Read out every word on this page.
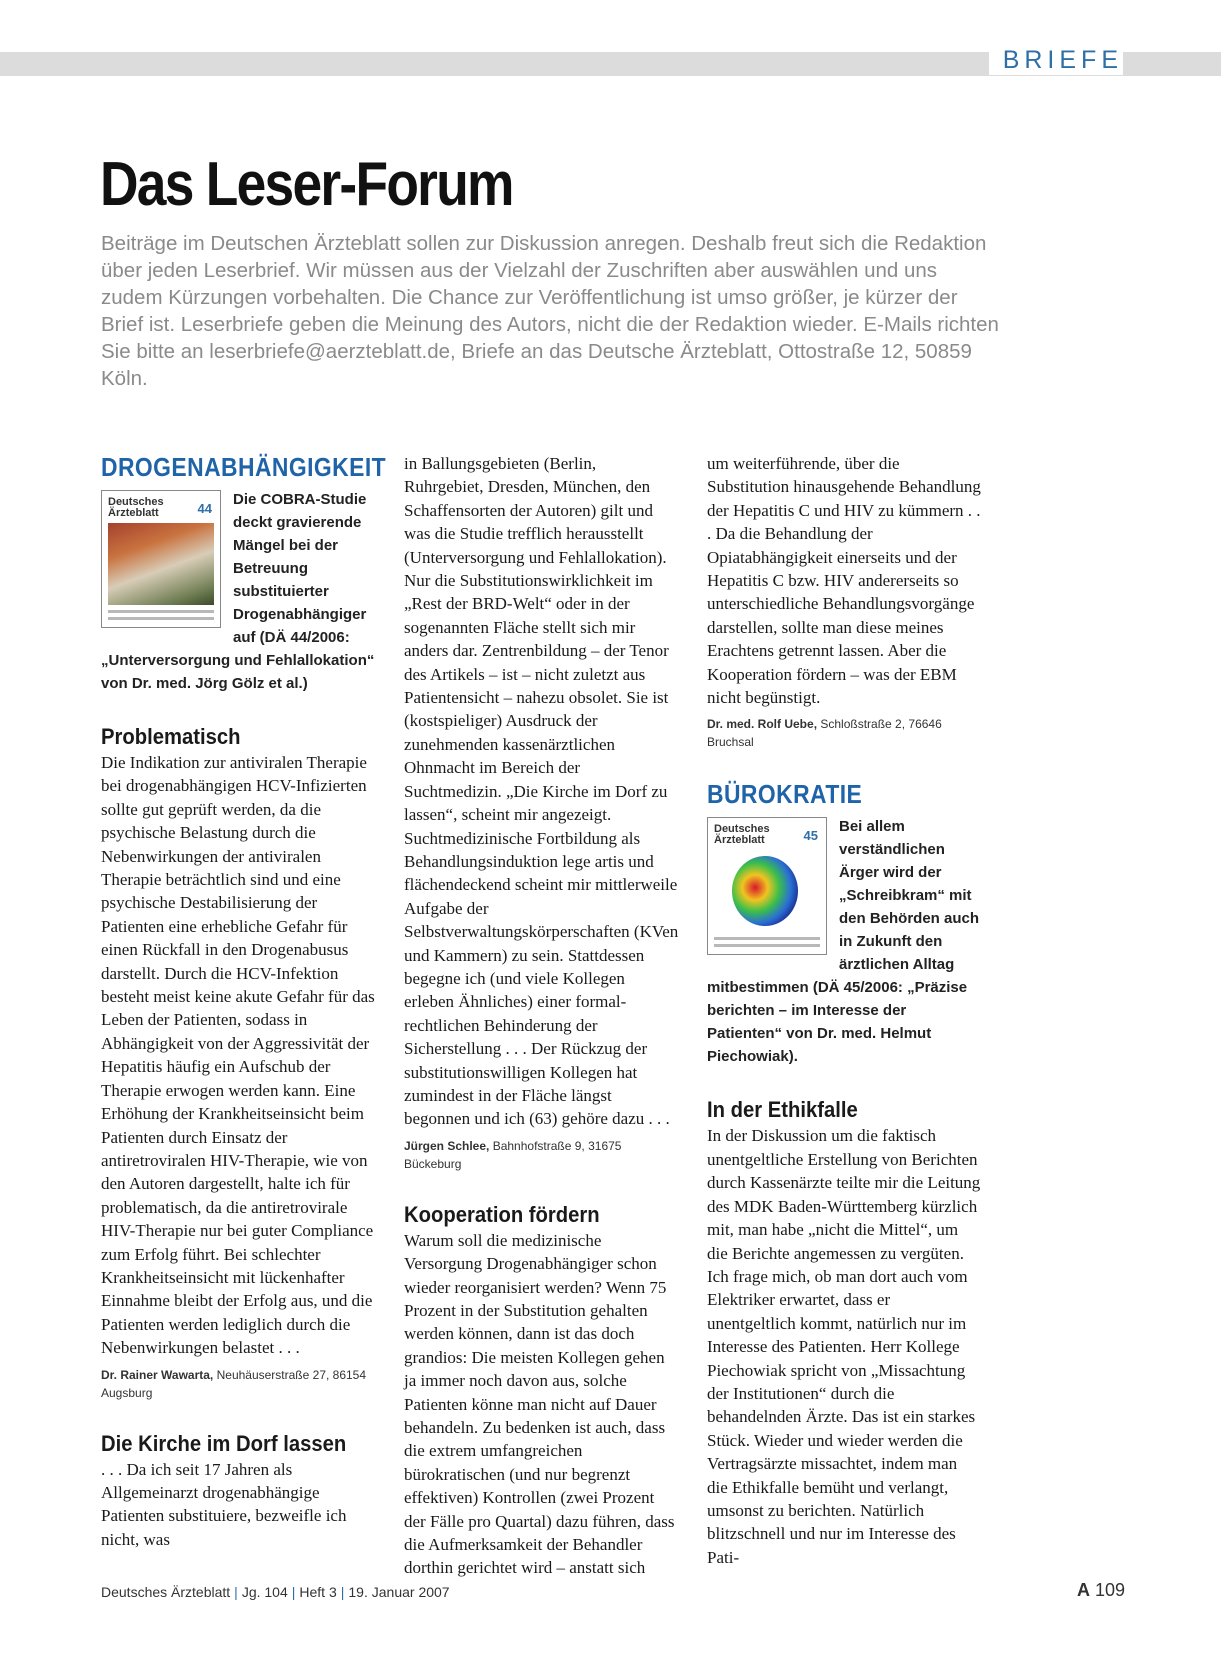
BRIEFE
Das Leser-Forum

Beiträge im Deutschen Ärzteblatt sollen zur Diskussion anregen. Deshalb freut sich die Redaktion über jeden Leserbrief. Wir müssen aus der Vielzahl der Zuschriften aber auswählen und uns zudem Kürzungen vorbehalten. Die Chance zur Veröffentlichung ist umso größer, je kürzer der Brief ist. Leserbriefe geben die Meinung des Autors, nicht die der Redaktion wieder. E-Mails richten Sie bitte an leserbriefe@aerzteblatt.de, Briefe an das Deutsche Ärzteblatt, Ottostraße 12, 50859 Köln.

DROGENABHÄNGIGKEIT
Deutsches
Ärzteblatt	44

Die COBRA-Studie deckt gravierende Mängel bei der Betreuung substituierter Drogenabhängiger auf (DÄ 44/2006: „Unterversorgung und Fehlallokation“ von Dr. med. Jörg Gölz et al.)

Problematisch

Die Indikation zur antiviralen Therapie bei drogenabhängigen HCV-Infizierten sollte gut geprüft werden, da die psychische Belastung durch die Nebenwirkungen der antiviralen Therapie beträchtlich sind und eine psychische Destabilisierung der Patienten eine erhebliche Gefahr für einen Rückfall in den Drogenabusus darstellt. Durch die HCV-Infektion besteht meist keine akute Gefahr für das Leben der Patienten, sodass in Abhängigkeit von der Aggressivität der Hepatitis häufig ein Aufschub der Therapie erwogen werden kann. Eine Erhöhung der Krankheitseinsicht beim Patienten durch Einsatz der antiretroviralen HIV-Therapie, wie von den Autoren dargestellt, halte ich für problematisch, da die antiretrovirale HIV-Therapie nur bei guter Compliance zum Erfolg führt. Bei schlechter Krankheitseinsicht mit lückenhafter Einnahme bleibt der Erfolg aus, und die Patienten werden lediglich durch die Nebenwirkungen belastet . . .

Dr. Rainer Wawarta, Neuhäuserstraße 27, 86154 Augsburg

Die Kirche im Dorf lassen

. . . Da ich seit 17 Jahren als Allgemeinarzt drogenabhängige Patienten substituiere, bezweifle ich nicht, was

in Ballungsgebieten (Berlin, Ruhrgebiet, Dresden, München, den Schaffensorten der Autoren) gilt und was die Studie trefflich herausstellt (Unterversorgung und Fehlallokation). Nur die Substitutionswirklichkeit im „Rest der BRD-Welt“ oder in der sogenannten Fläche stellt sich mir anders dar. Zentrenbildung – der Tenor des Artikels – ist – nicht zuletzt aus Patientensicht – nahezu obsolet. Sie ist (kostspieliger) Ausdruck der zunehmenden kassenärztlichen Ohnmacht im Bereich der Suchtmedizin. „Die Kirche im Dorf zu lassen“, scheint mir angezeigt. Suchtmedizinische Fortbildung als Behandlungsinduktion lege artis und flächendeckend scheint mir mittlerweile Aufgabe der Selbstverwaltungskörperschaften (KVen und Kammern) zu sein. Stattdessen begegne ich (und viele Kollegen erleben Ähnliches) einer formal-rechtlichen Behinderung der Sicherstellung . . . Der Rückzug der substitutionswilligen Kollegen hat zumindest in der Fläche längst begonnen und ich (63) gehöre dazu . . .

Jürgen Schlee, Bahnhofstraße 9, 31675 Bückeburg

Kooperation fördern

Warum soll die medizinische Versorgung Drogenabhängiger schon wieder reorganisiert werden? Wenn 75 Prozent in der Substitution gehalten werden können, dann ist das doch grandios: Die meisten Kollegen gehen ja immer noch davon aus, solche Patienten könne man nicht auf Dauer behandeln. Zu bedenken ist auch, dass die extrem umfangreichen bürokratischen (und nur begrenzt effektiven) Kontrollen (zwei Prozent der Fälle pro Quartal) dazu führen, dass die Aufmerksamkeit der Behandler dorthin gerichtet wird – anstatt sich

um weiterführende, über die Substitution hinausgehende Behandlung der Hepatitis C und HIV zu kümmern . . . Da die Behandlung der Opiatabhängigkeit einerseits und der Hepatitis C bzw. HIV andererseits so unterschiedliche Behandlungsvorgänge darstellen, sollte man diese meines Erachtens getrennt lassen. Aber die Kooperation fördern – was der EBM nicht begünstigt.

Dr. med. Rolf Uebe, Schloßstraße 2, 76646 Bruchsal

BÜROKRATIE
Deutsches
Ärzteblatt	45

Bei allem verständlichen Ärger wird der „Schreibkram“ mit den Behörden auch in Zukunft den ärztlichen Alltag mitbestimmen (DÄ 45/2006: „Präzise berichten – im Interesse der Patienten“ von Dr. med. Helmut Piechowiak).

In der Ethikfalle

In der Diskussion um die faktisch unentgeltliche Erstellung von Berichten durch Kassenärzte teilte mir die Leitung des MDK Baden-Württemberg kürzlich mit, man habe „nicht die Mittel“, um die Berichte angemessen zu vergüten. Ich frage mich, ob man dort auch vom Elektriker erwartet, dass er unentgeltlich kommt, natürlich nur im Interesse des Patienten. Herr Kollege Piechowiak spricht von „Missachtung der Institutionen“ durch die behandelnden Ärzte. Das ist ein starkes Stück. Wieder und wieder werden die Vertragsärzte missachtet, indem man die Ethikfalle bemüht und verlangt, umsonst zu berichten. Natürlich blitzschnell und nur im Interesse des Pati-

Deutsches Ärzteblatt | Jg. 104 | Heft 3 | 19. Januar 2007	A 109
